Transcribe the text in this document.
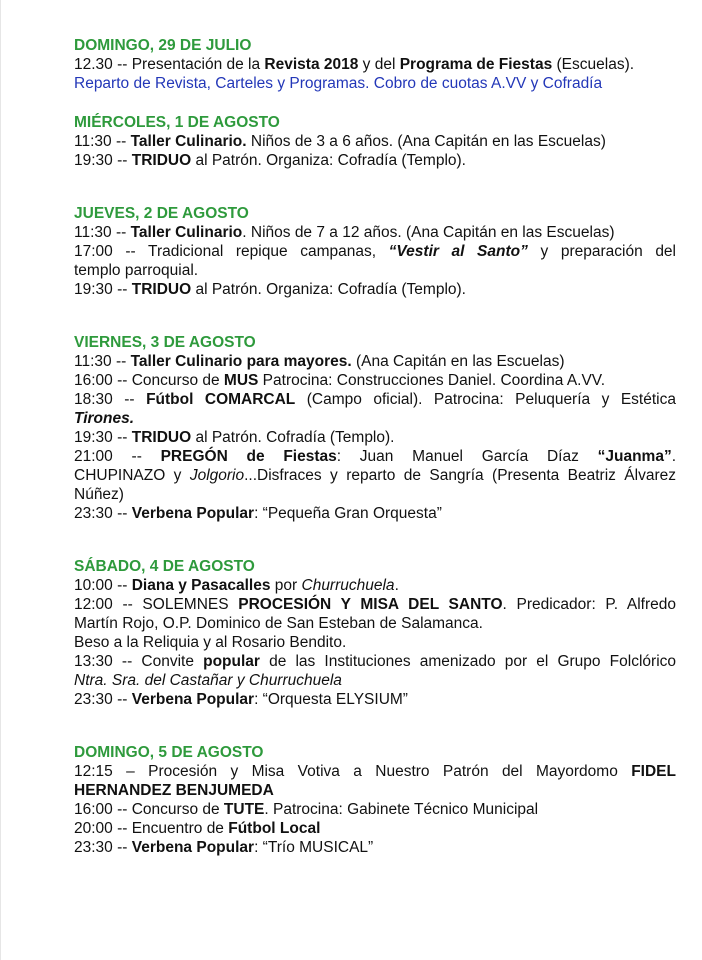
DOMINGO, 29 DE JULIO

12.30 -- Presentación de la Revista 2018 y del Programa de Fiestas (Escuelas).

Reparto de Revista, Carteles y Programas. Cobro de cuotas A.VV y Cofradía

MIÉRCOLES, 1 DE AGOSTO

11:30 -- Taller Culinario. Niños de 3 a 6 años. (Ana Capitán en las Escuelas)

19:30 -- TRIDUO al Patrón. Organiza: Cofradía (Templo).

JUEVES, 2 DE AGOSTO

11:30 -- Taller Culinario. Niños de 7 a 12 años. (Ana Capitán en las Escuelas)

17:00 -- Tradicional repique campanas, “Vestir al Santo” y preparación del

templo parroquial.

19:30 -- TRIDUO al Patrón. Organiza: Cofradía (Templo).

VIERNES, 3 DE AGOSTO

11:30 -- Taller Culinario para mayores. (Ana Capitán en las Escuelas)

16:00 -- Concurso de MUS Patrocina: Construcciones Daniel. Coordina A.VV.

18:30 -- Fútbol COMARCAL (Campo oficial). Patrocina: Peluquería y Estética

Tirones.

19:30 -- TRIDUO al Patrón. Cofradía (Templo).

21:00 -- PREGÓN de Fiestas: Juan Manuel García Díaz “Juanma”.

CHUPINAZO y Jolgorio...Disfraces y reparto de Sangría (Presenta Beatriz Álvarez

Núñez)

23:30 -- Verbena Popular: “Pequeña Gran Orquesta”

SÁBADO, 4 DE AGOSTO

10:00 -- Diana y Pasacalles por Churruchuela.

12:00 -- SOLEMNES PROCESIÓN Y MISA DEL SANTO. Predicador: P. Alfredo

Martín Rojo, O.P. Dominico de San Esteban de Salamanca.

Beso a la Reliquia y al Rosario Bendito.

13:30 -- Convite popular de las Instituciones amenizado por el Grupo Folclórico

Ntra. Sra. del Castañar y Churruchuela

23:30 -- Verbena Popular: “Orquesta ELYSIUM”

DOMINGO, 5 DE AGOSTO

12:15 – Procesión y Misa Votiva a Nuestro Patrón del Mayordomo FIDEL

HERNANDEZ BENJUMEDA

16:00 -- Concurso de TUTE. Patrocina: Gabinete Técnico Municipal

20:00 -- Encuentro de Fútbol Local

23:30 -- Verbena Popular: “Trío MUSICAL”
